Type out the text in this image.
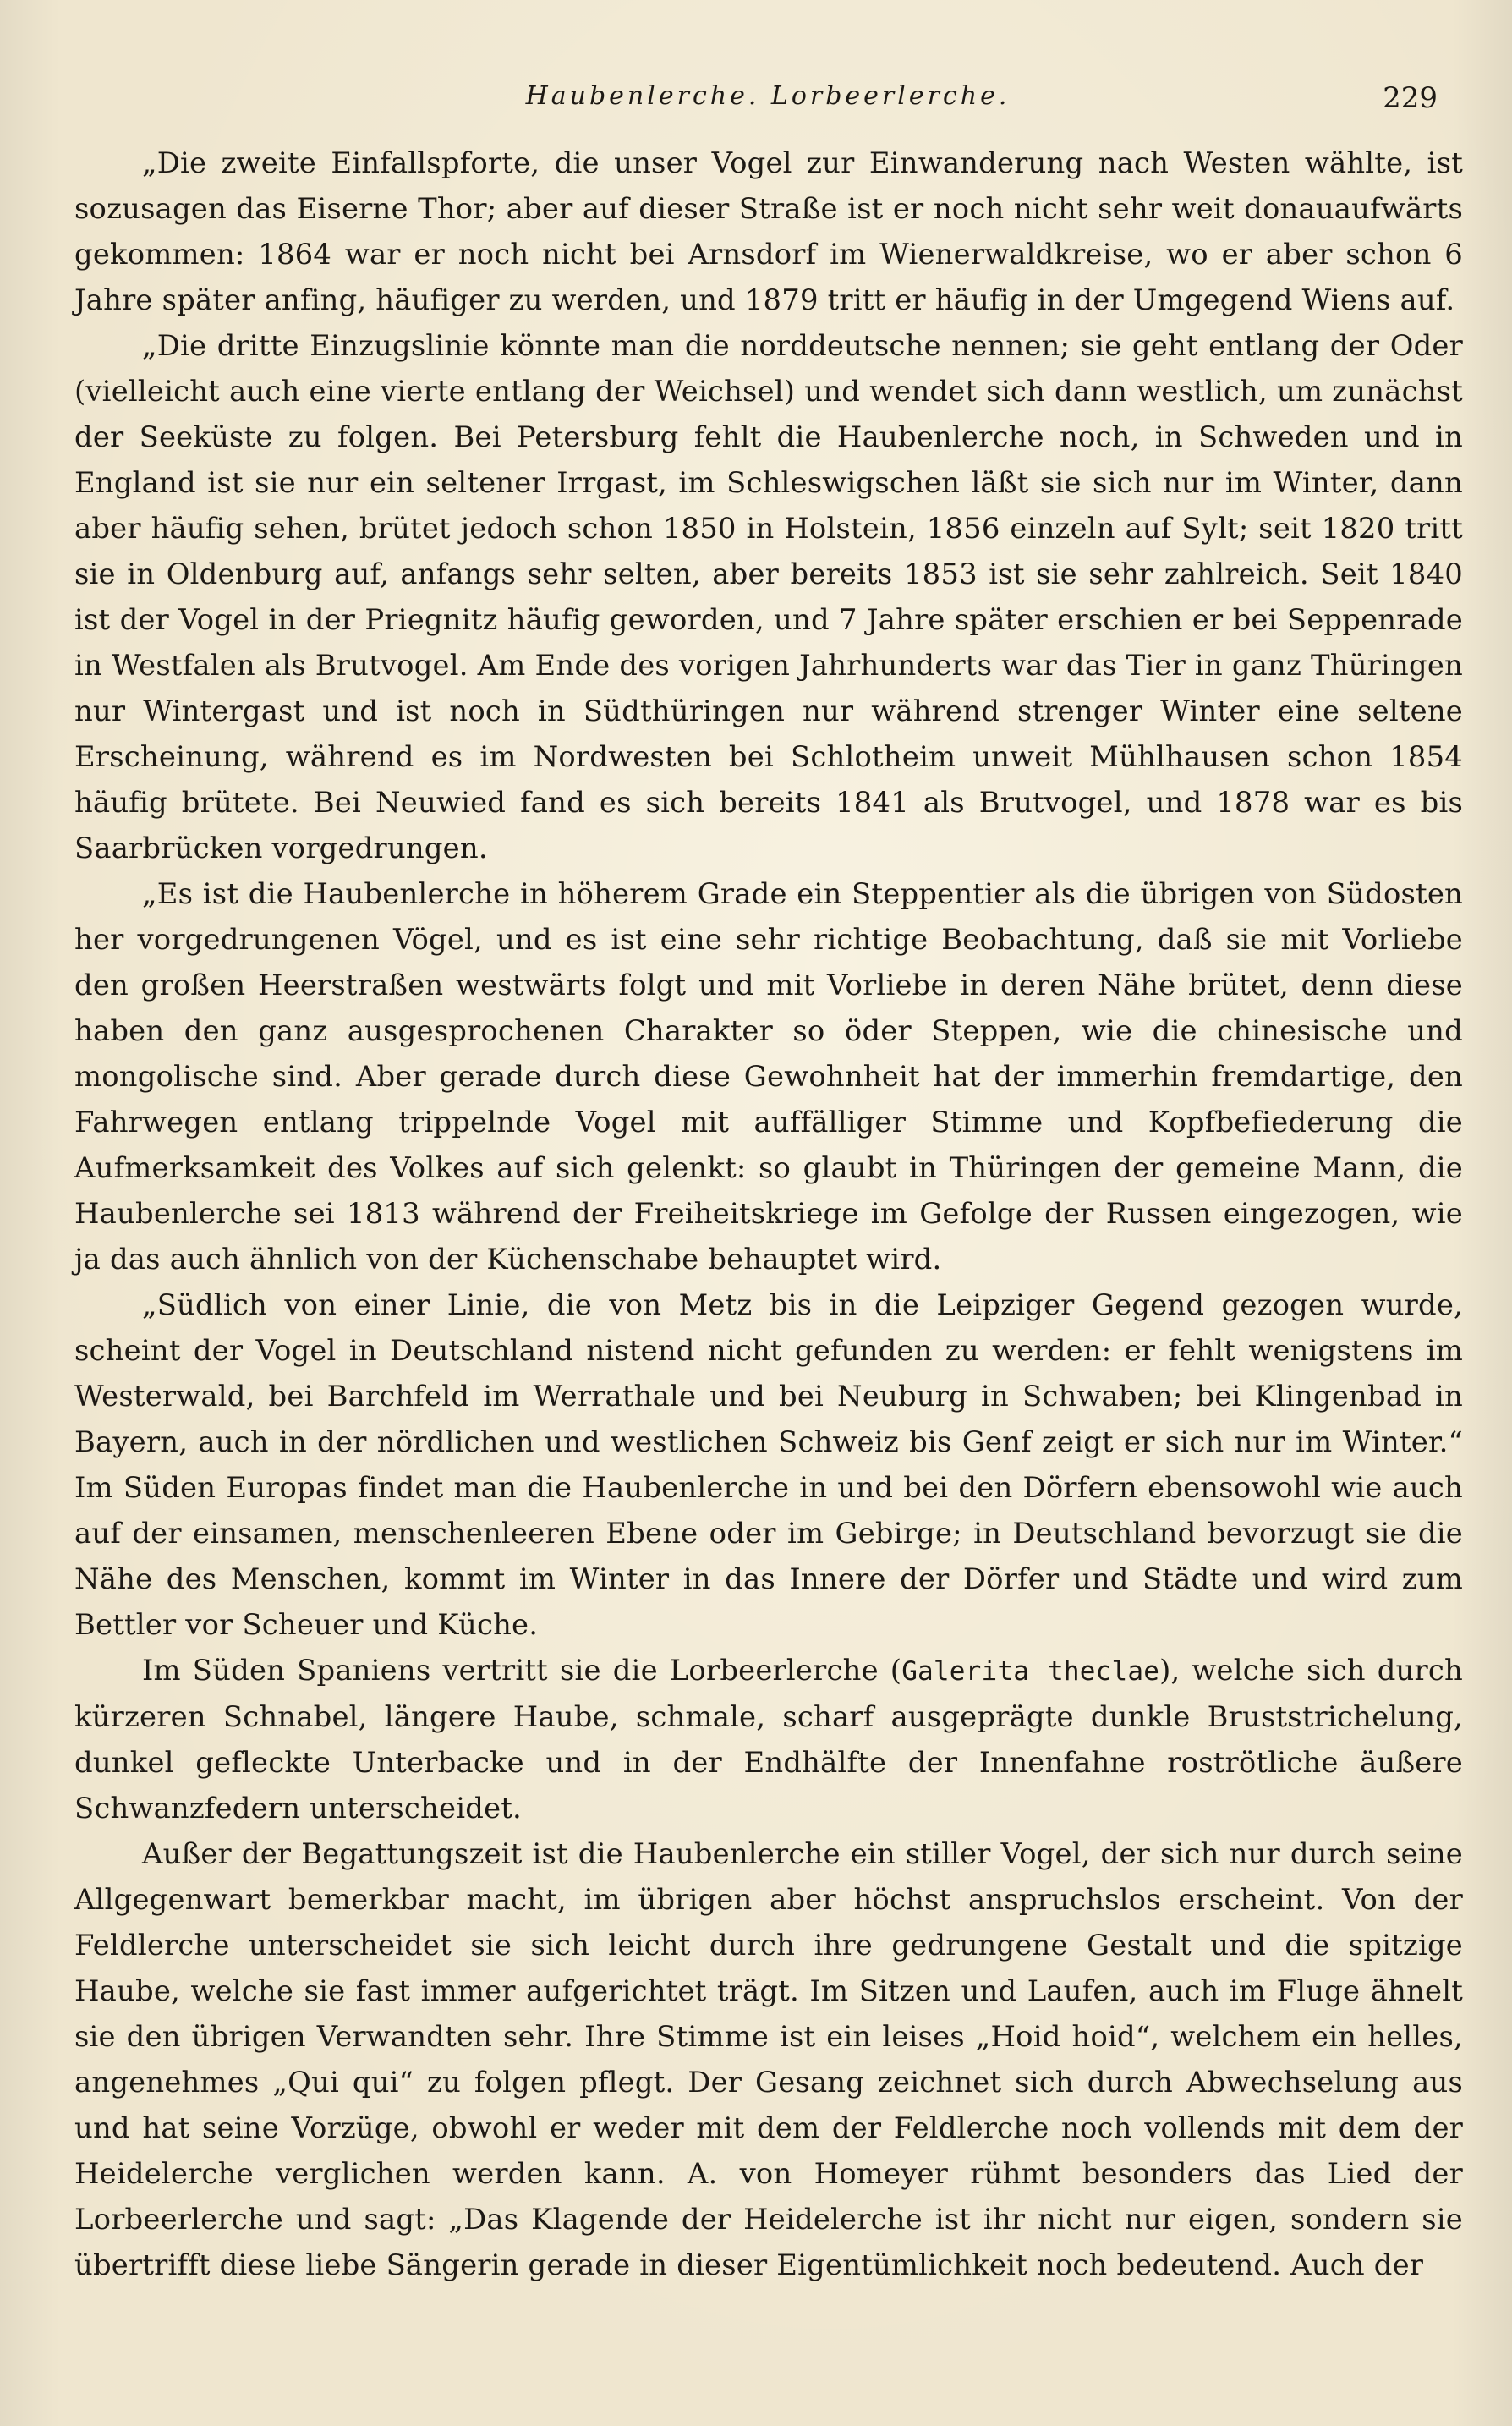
Haubenlerche. Lorbeerlerche.	229

„Die zweite Einfallspforte, die unser Vogel zur Einwanderung nach Westen wählte, ist sozusagen das Eiserne Thor; aber auf dieser Straße ist er noch nicht sehr weit donauaufwärts gekommen: 1864 war er noch nicht bei Arnsdorf im Wienerwaldkreise, wo er aber schon 6 Jahre später anfing, häufiger zu werden, und 1879 tritt er häufig in der Umgegend Wiens auf.

„Die dritte Einzugslinie könnte man die norddeutsche nennen; sie geht entlang der Oder (vielleicht auch eine vierte entlang der Weichsel) und wendet sich dann westlich, um zunächst der Seeküste zu folgen. Bei Petersburg fehlt die Haubenlerche noch, in Schweden und in England ist sie nur ein seltener Irrgast, im Schleswigschen läßt sie sich nur im Winter, dann aber häufig sehen, brütet jedoch schon 1850 in Holstein, 1856 einzeln auf Sylt; seit 1820 tritt sie in Oldenburg auf, anfangs sehr selten, aber bereits 1853 ist sie sehr zahlreich. Seit 1840 ist der Vogel in der Priegnitz häufig geworden, und 7 Jahre später erschien er bei Seppenrade in Westfalen als Brutvogel. Am Ende des vorigen Jahrhunderts war das Tier in ganz Thüringen nur Wintergast und ist noch in Südthüringen nur während strenger Winter eine seltene Erscheinung, während es im Nordwesten bei Schlotheim unweit Mühlhausen schon 1854 häufig brütete. Bei Neuwied fand es sich bereits 1841 als Brutvogel, und 1878 war es bis Saarbrücken vorgedrungen.

„Es ist die Haubenlerche in höherem Grade ein Steppentier als die übrigen von Südosten her vorgedrungenen Vögel, und es ist eine sehr richtige Beobachtung, daß sie mit Vorliebe den großen Heerstraßen westwärts folgt und mit Vorliebe in deren Nähe brütet, denn diese haben den ganz ausgesprochenen Charakter so öder Steppen, wie die chinesische und mongolische sind. Aber gerade durch diese Gewohnheit hat der immerhin fremdartige, den Fahrwegen entlang trippelnde Vogel mit auffälliger Stimme und Kopfbefiederung die Aufmerksamkeit des Volkes auf sich gelenkt: so glaubt in Thüringen der gemeine Mann, die Haubenlerche sei 1813 während der Freiheitskriege im Gefolge der Russen eingezogen, wie ja das auch ähnlich von der Küchenschabe behauptet wird.

„Südlich von einer Linie, die von Metz bis in die Leipziger Gegend gezogen wurde, scheint der Vogel in Deutschland nistend nicht gefunden zu werden: er fehlt wenigstens im Westerwald, bei Barchfeld im Werrathale und bei Neuburg in Schwaben; bei Klingenbad in Bayern, auch in der nördlichen und westlichen Schweiz bis Genf zeigt er sich nur im Winter.“ Im Süden Europas findet man die Haubenlerche in und bei den Dörfern ebensowohl wie auch auf der einsamen, menschenleeren Ebene oder im Gebirge; in Deutschland bevorzugt sie die Nähe des Menschen, kommt im Winter in das Innere der Dörfer und Städte und wird zum Bettler vor Scheuer und Küche.

Im Süden Spaniens vertritt sie die Lorbeerlerche (Galerita theclae), welche sich durch kürzeren Schnabel, längere Haube, schmale, scharf ausgeprägte dunkle Bruststrichelung, dunkel gefleckte Unterbacke und in der Endhälfte der Innenfahne roströtliche äußere Schwanzfedern unterscheidet.

Außer der Begattungszeit ist die Haubenlerche ein stiller Vogel, der sich nur durch seine Allgegenwart bemerkbar macht, im übrigen aber höchst anspruchslos erscheint. Von der Feldlerche unterscheidet sie sich leicht durch ihre gedrungene Gestalt und die spitzige Haube, welche sie fast immer aufgerichtet trägt. Im Sitzen und Laufen, auch im Fluge ähnelt sie den übrigen Verwandten sehr. Ihre Stimme ist ein leises „Hoid hoid“, welchem ein helles, angenehmes „Qui qui“ zu folgen pflegt. Der Gesang zeichnet sich durch Abwechselung aus und hat seine Vorzüge, obwohl er weder mit dem der Feldlerche noch vollends mit dem der Heidelerche verglichen werden kann. A. von Homeyer rühmt besonders das Lied der Lorbeerlerche und sagt: „Das Klagende der Heidelerche ist ihr nicht nur eigen, sondern sie übertrifft diese liebe Sängerin gerade in dieser Eigentümlichkeit noch bedeutend. Auch der
